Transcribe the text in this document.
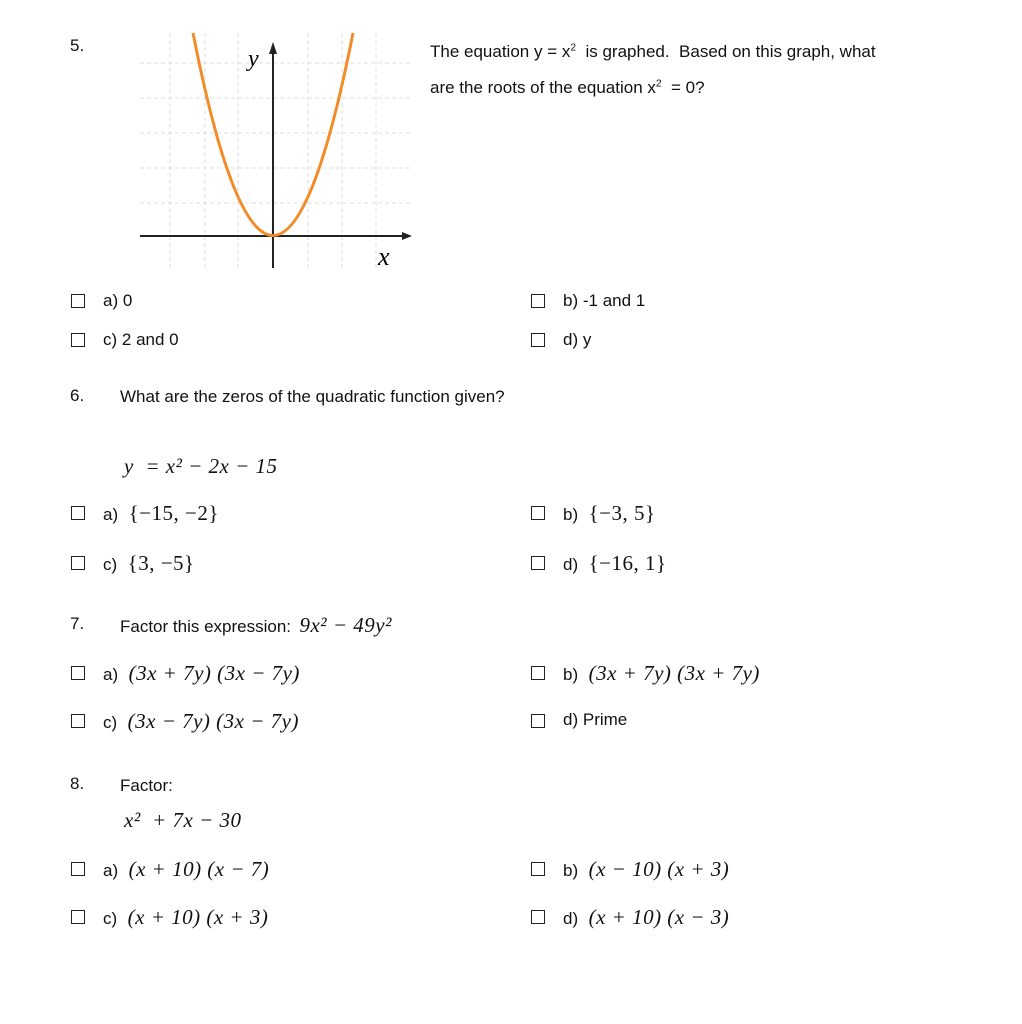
5.
y
x
The equation $y = x^2$  is graphed.  Based on this graph, what
are the roots of the equation $x^2 = 0$?
a) 0	b) -1 and 1
c) 2 and 0	d) y
6. What are the zeros of the quadratic function given?
y  = x² − 2x − 15
a) {−15, −2}	b) {−3, 5}
c) {3, −5}	d) {−16, 1}
7. Factor this expression: 9x² − 49y²
a) (3x + 7y) (3x − 7y)	b) (3x + 7y) (3x + 7y)
c) (3x − 7y) (3x − 7y)	d) Prime
8. Factor:
x²  + 7x − 30
a) (x + 10) (x − 7)	b) (x − 10) (x + 3)
c) (x + 10) (x + 3)	d) (x + 10) (x − 3)
